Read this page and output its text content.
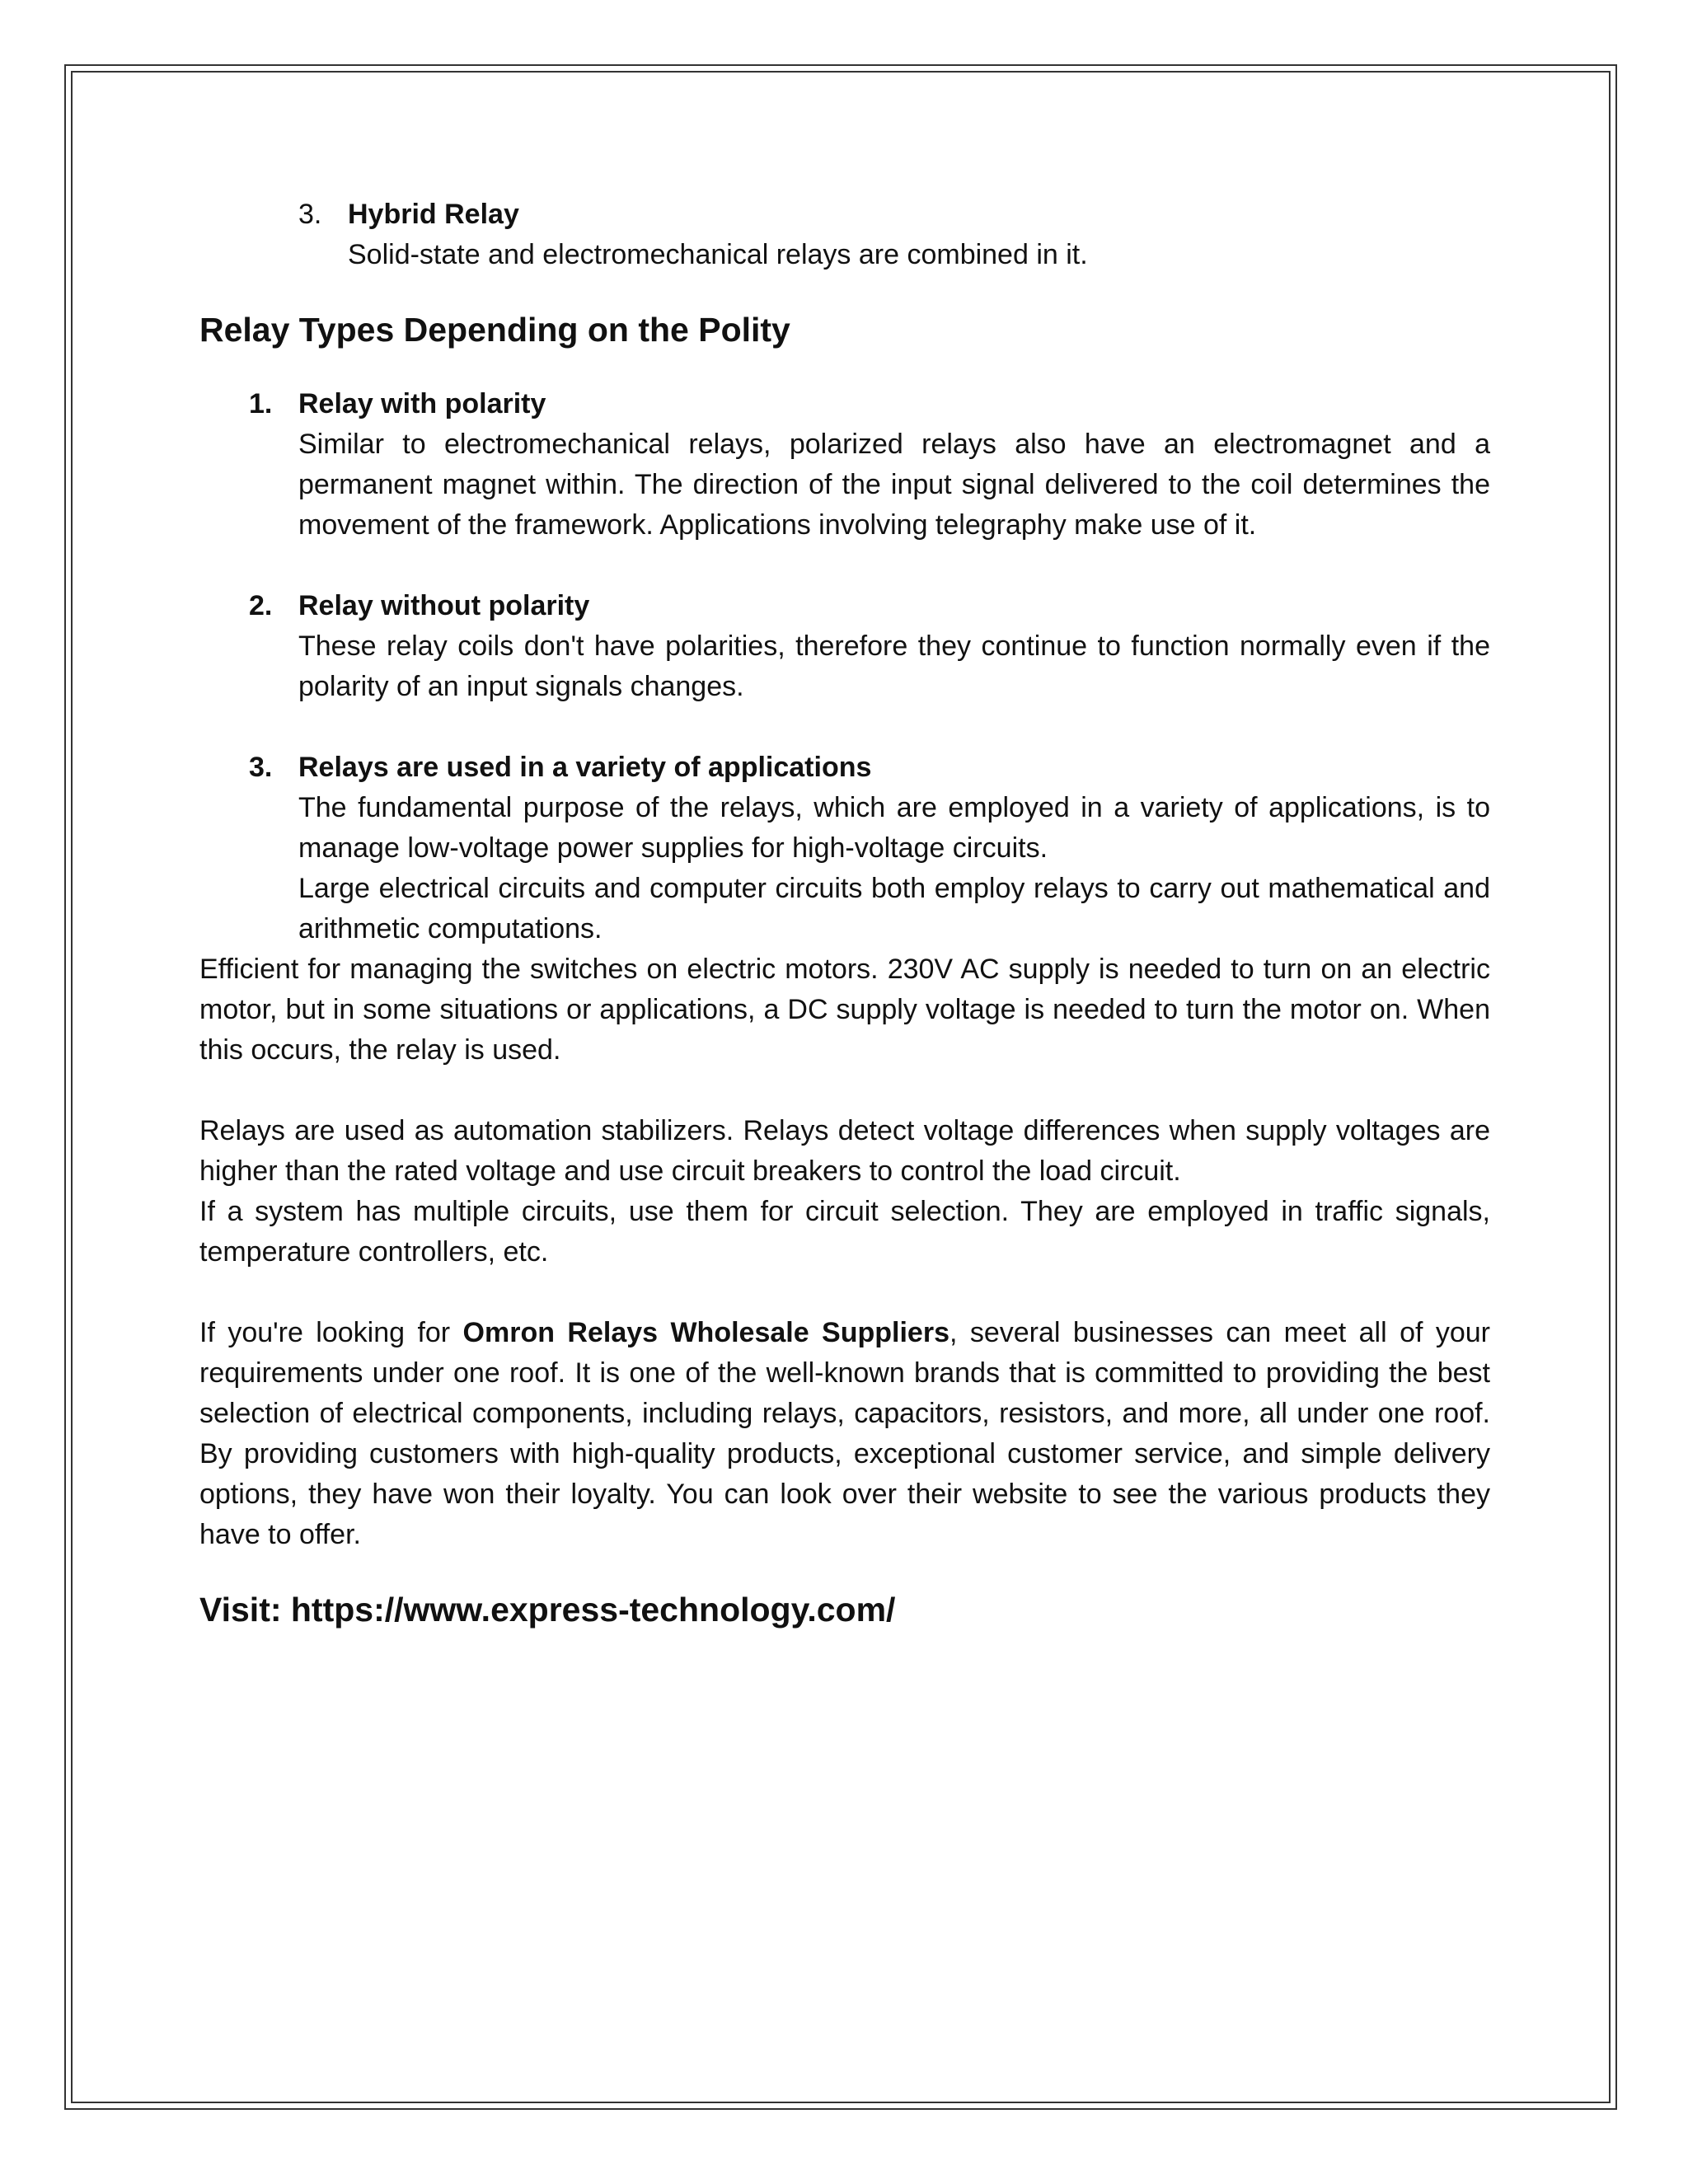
3. Hybrid Relay

Solid-state and electromechanical relays are combined in it.

Relay Types Depending on the Polity
1. Relay with polarity

Similar to electromechanical relays, polarized relays also have an electromagnet and a permanent magnet within. The direction of the input signal delivered to the coil determines the movement of the framework. Applications involving telegraphy make use of it.

2. Relay without polarity

These relay coils don't have polarities, therefore they continue to function normally even if the polarity of an input signals changes.

3. Relays are used in a variety of applications

The fundamental purpose of the relays, which are employed in a variety of applications, is to manage low-voltage power supplies for high-voltage circuits.

Large electrical circuits and computer circuits both employ relays to carry out mathematical and arithmetic computations.

Efficient for managing the switches on electric motors. 230V AC supply is needed to turn on an electric motor, but in some situations or applications, a DC supply voltage is needed to turn the motor on. When this occurs, the relay is used.

Relays are used as automation stabilizers. Relays detect voltage differences when supply voltages are higher than the rated voltage and use circuit breakers to control the load circuit.

If a system has multiple circuits, use them for circuit selection. They are employed in traffic signals, temperature controllers, etc.

If you're looking for Omron Relays Wholesale Suppliers, several businesses can meet all of your requirements under one roof. It is one of the well-known brands that is committed to providing the best selection of electrical components, including relays, capacitors, resistors, and more, all under one roof. By providing customers with high-quality products, exceptional customer service, and simple delivery options, they have won their loyalty. You can look over their website to see the various products they have to offer.

Visit: https://www.express-technology.com/
